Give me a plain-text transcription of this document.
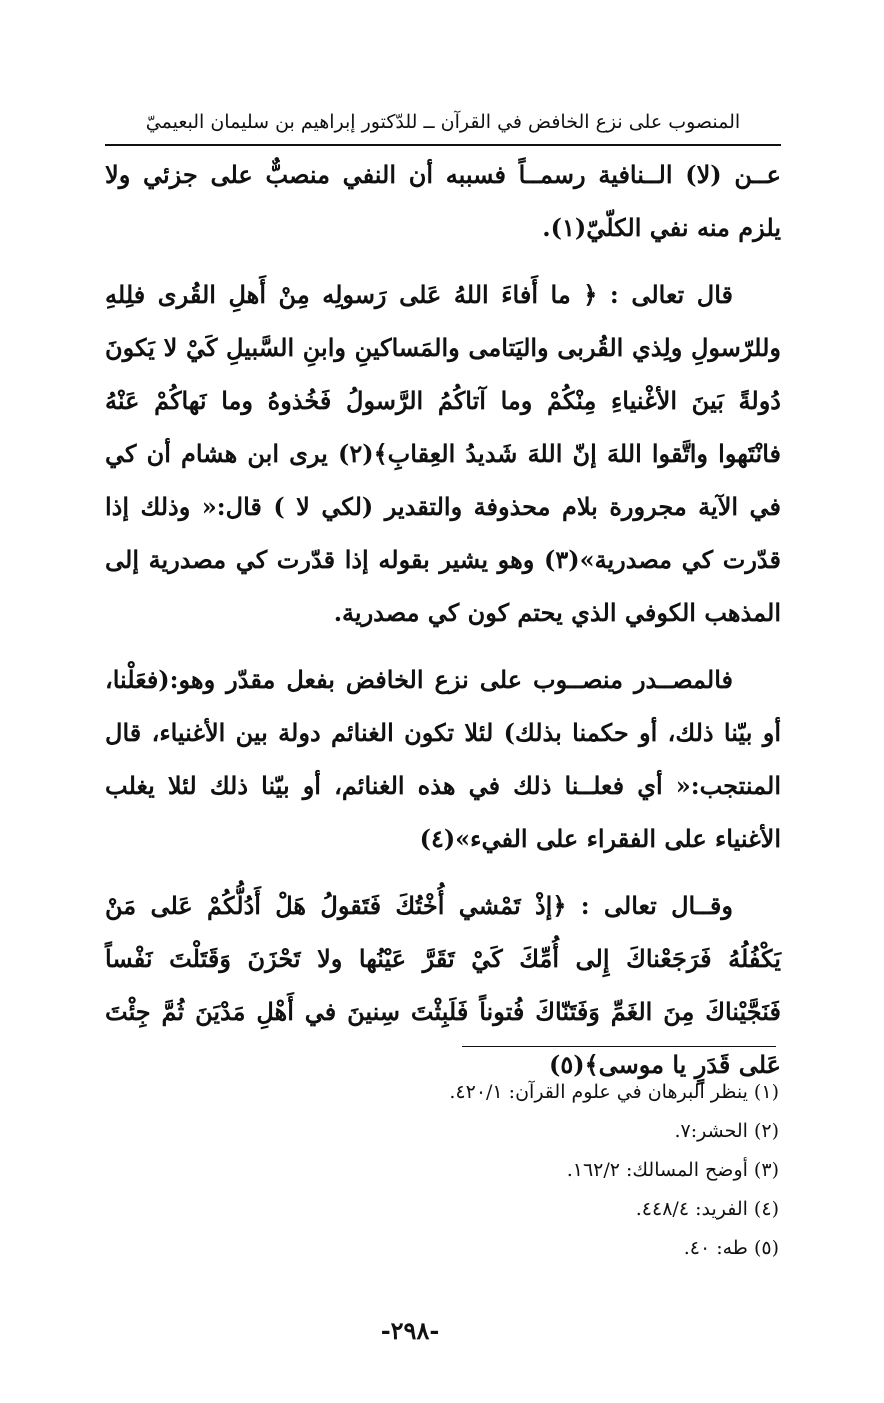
المنصوب على نزع الخافض في القرآن ــ للدّكتور إبراهيم بن سليمان البعيميّ

عــن (لا) الــنافية رسمــاً فسببه أن النفي منصبٌّ على جزئي ولا يلزم منه نفي الكلّيّ(١).

قال تعالى : ﴿ ما أَفاءَ اللهُ عَلى رَسولِه مِنْ أَهلِ القُرى فلِلهِ وللرّسولِ ولِذي القُربى واليَتامى والمَساكينِ وابنِ السَّبيلِ كَيْ لا يَكونَ دُولةً بَينَ الأغْنياءِ مِنْكُمْ وما آتاكُمُ الرَّسولُ فَخُذوهُ وما نَهاكُمْ عَنْهُ فانْتَهوا واتَّقوا اللهَ إنّ اللهَ شَديدُ العِقابِ﴾(٢) يرى ابن هشام أن كي في الآية مجرورة بلام محذوفة والتقدير (لكي لا ) قال:« وذلك إذا قدّرت كي مصدرية»(٣) وهو يشير بقوله إذا قدّرت كي مصدرية إلى المذهب الكوفي الذي يحتم كون كي مصدرية.

فالمصــدر منصــوب على نزع الخافض بفعل مقدّر وهو:(فعَلْنا، أو بيّنا ذلك، أو حكمنا بذلك) لئلا تكون الغنائم دولة بين الأغنياء، قال المنتجب:« أي فعلــنا ذلك في هذه الغنائم، أو بيّنا ذلك لئلا يغلب الأغنياء على الفقراء على الفيء»(٤)

وقــال تعالى : ﴿إذْ تَمْشي أُخْتُكَ فَتَقولُ هَلْ أَدُلُّكُمْ عَلى مَنْ يَكْفُلُهُ فَرَجَعْناكَ إِلى أُمِّكَ كَيْ تَقَرَّ عَيْنُها ولا تَحْزَنَ وَقَتَلْتَ نَفْساً فَنَجَّيْناكَ مِنَ الغَمِّ وَفَتَنّاكَ فُتوناً فَلَبِثْتَ سِنينَ في أَهْلِ مَدْيَنَ ثُمَّ جِئْتَ عَلى قَدَرٍ يا موسى﴾(٥)

(١) ينظر البرهان في علوم القرآن: ٤٢٠/١.
(٢) الحشر:٧.
(٣) أوضح المسالك: ١٦٢/٢.
(٤) الفريد: ٤٤٨/٤.
(٥) طه: ٤٠.
-٢٩٨-
